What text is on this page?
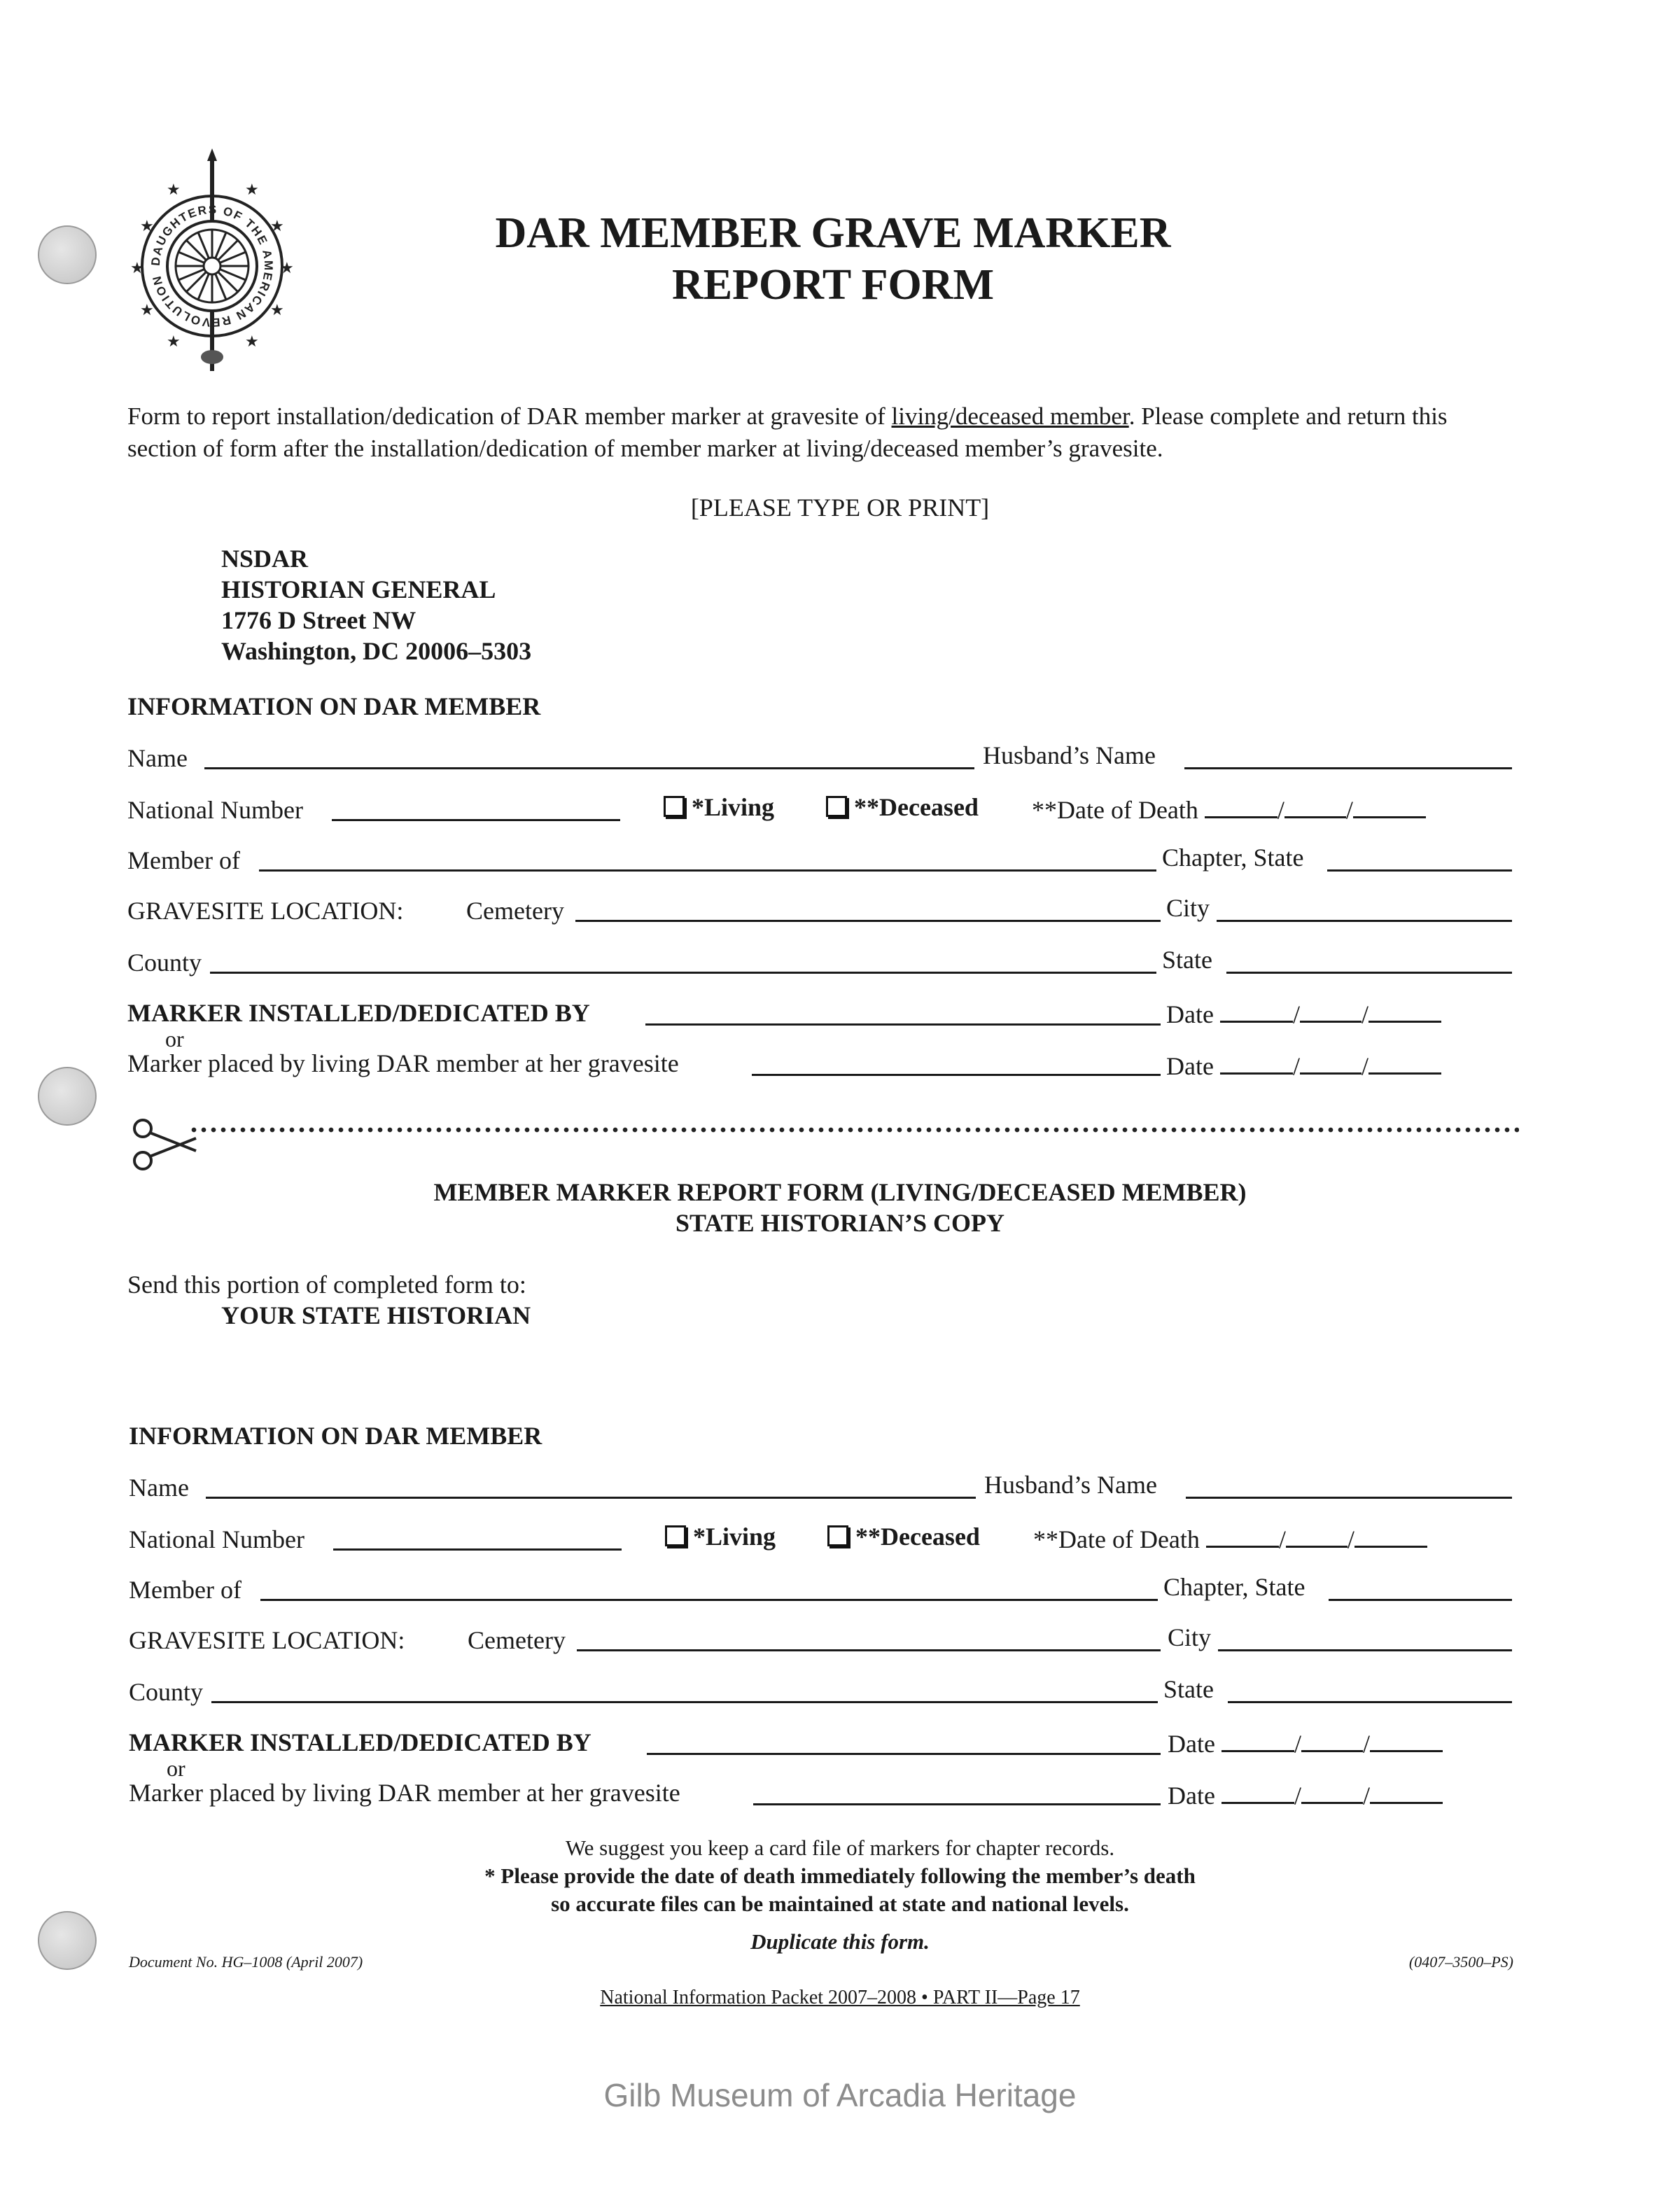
DAUGHTERS OF THE AMERICAN REVOLUTION
★	★
★	★
★	★
★	★
★	★
DAR MEMBER GRAVE MARKER
REPORT FORM
Form to report installation/dedication of DAR member marker at gravesite of living/deceased member. Please complete and return this section of form after the installation/dedication of member marker at living/deceased member’s gravesite.
[PLEASE TYPE OR PRINT]
NSDAR
HISTORIAN GENERAL
1776 D Street NW
Washington, DC 20006–5303
INFORMATION ON DAR MEMBER
Name	Husband’s Name
National Number	*Living	**Deceased **Date of Death	/ /
Member of	Chapter, State
GRAVESITE LOCATION: Cemetery	City
County	State
MARKER INSTALLED/DEDICATED BY	Date	/ /
or
Marker placed by living DAR member at her gravesite	Date	/ /
MEMBER MARKER REPORT FORM (LIVING/DECEASED MEMBER)
STATE HISTORIAN’S COPY
Send this portion of completed form to:
YOUR STATE HISTORIAN
INFORMATION ON DAR MEMBER
Name	Husband’s Name
National Number	*Living	**Deceased **Date of Death	/ /
Member of	Chapter, State
GRAVESITE LOCATION: Cemetery	City
County	State
MARKER INSTALLED/DEDICATED BY	Date	/ /
or
Marker placed by living DAR member at her gravesite	Date	/ /
We suggest you keep a card file of markers for chapter records.
* Please provide the date of death immediately following the member’s death
so accurate files can be maintained at state and national levels.
Duplicate this form.
Document No. HG–1008 (April 2007)	(0407–3500–PS)
National Information Packet 2007–2008 • PART II—Page 17
Gilb Museum of Arcadia Heritage
